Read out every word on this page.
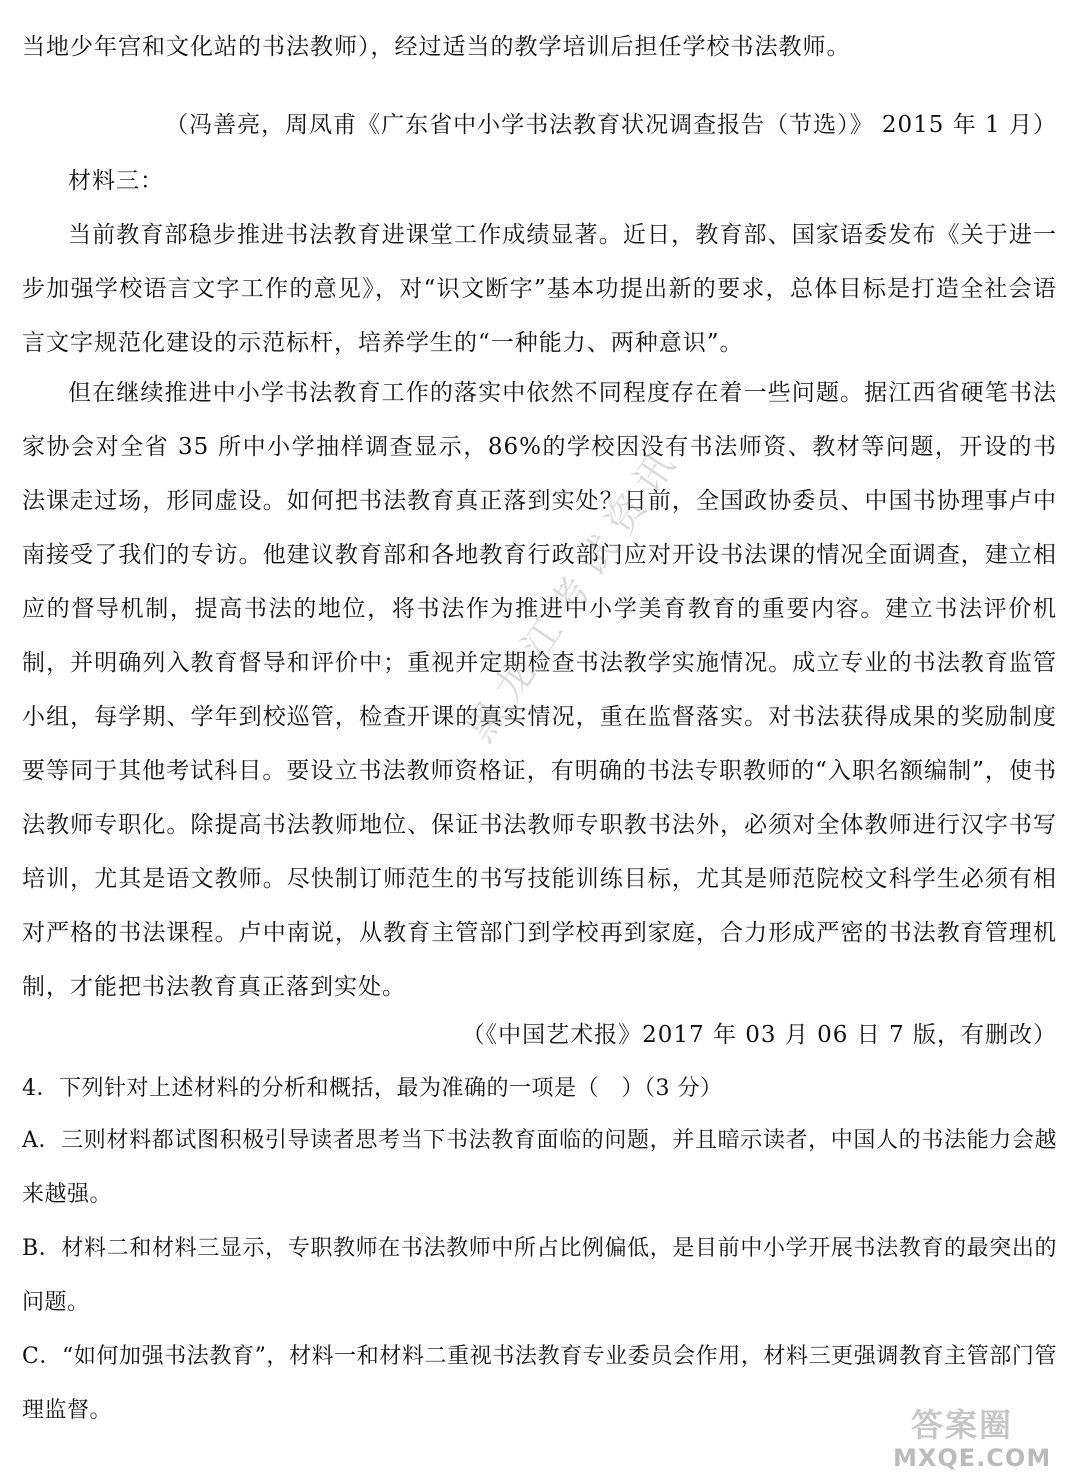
当地少年宫和文化站的书法教师），经过适当的教学培训后担任学校书法教师。
（冯善亮，周凤甫《广东省中小学书法教育状况调查报告（节选）》 2015 年 1 月）
材料三：
当前教育部稳步推进书法教育进课堂工作成绩显著。近日，教育部、国家语委发布《关于进一步加强学校语言文字工作的意见》，对“识文断字”基本功提出新的要求，总体目标是打造全社会语言文字规范化建设的示范标杆，培养学生的“一种能力、两种意识”。
但在继续推进中小学书法教育工作的落实中依然不同程度存在着一些问题。据江西省硬笔书法家协会对全省 35 所中小学抽样调查显示，86%的学校因没有书法师资、教材等问题，开设的书法课走过场，形同虚设。如何把书法教育真正落到实处？日前，全国政协委员、中国书协理事卢中南接受了我们的专访。他建议教育部和各地教育行政部门应对开设书法课的情况全面调查，建立相应的督导机制，提高书法的地位，将书法作为推进中小学美育教育的重要内容。建立书法评价机制，并明确列入教育督导和评价中；重视并定期检查书法教学实施情况。成立专业的书法教育监管小组，每学期、学年到校巡管，检查开课的真实情况，重在监督落实。对书法获得成果的奖励制度要等同于其他考试科目。要设立书法教师资格证，有明确的书法专职教师的“入职名额编制”，使书法教师专职化。除提高书法教师地位、保证书法教师专职教书法外，必须对全体教师进行汉字书写培训，尤其是语文教师。尽快制订师范生的书写技能训练目标，尤其是师范院校文科学生必须有相对严格的书法课程。卢中南说，从教育主管部门到学校再到家庭，合力形成严密的书法教育管理机制，才能把书法教育真正落到实处。
（《中国艺术报》2017 年 03 月 06 日 7 版，有删改）
4．下列针对上述材料的分析和概括，最为准确的一项是（　）（3 分）
A．三则材料都试图积极引导读者思考当下书法教育面临的问题，并且暗示读者，中国人的书法能力会越来越强。
B．材料二和材料三显示，专职教师在书法教师中所占比例偏低，是目前中小学开展书法教育的最突出的问题。
C．“如何加强书法教育”，材料一和材料二重视书法教育专业委员会作用，材料三更强调教育主管部门管理监督。
黑龙江考试资讯
答案圈
MXQE.COM
